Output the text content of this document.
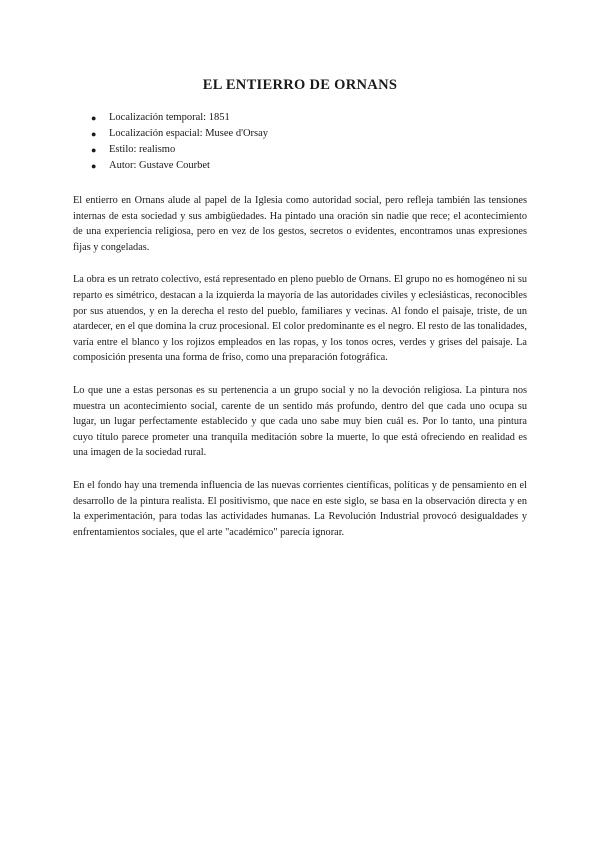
EL ENTIERRO DE ORNANS
● Localización temporal: 1851
● Localización espacial: Musee d'Orsay
● Estilo: realismo
● Autor: Gustave Courbet

El entierro en Ornans alude al papel de la Iglesia como autoridad social, pero refleja también las tensiones internas de esta sociedad y sus ambigüedades. Ha pintado una oración sin nadie que rece; el acontecimiento de una experiencia religiosa, pero en vez de los gestos, secretos o evidentes, encontramos unas expresiones fijas y congeladas.

La obra es un retrato colectivo, está representado en pleno pueblo de Ornans. El grupo no es homogéneo ni su reparto es simétrico, destacan a la izquierda la mayoría de las autoridades civiles y eclesiásticas, reconocibles por sus atuendos, y en la derecha el resto del pueblo, familiares y vecinas. Al fondo el paisaje, triste, de un atardecer, en el que domina la cruz procesional. El color predominante es el negro. El resto de las tonalidades, varía entre el blanco y los rojizos empleados en las ropas, y los tonos ocres, verdes y grises del paisaje. La composición presenta una forma de friso, como una preparación fotográfica.

Lo que une a estas personas es su pertenencia a un grupo social y no la devoción religiosa. La pintura nos muestra un acontecimiento social, carente de un sentido más profundo, dentro del que cada uno ocupa su lugar, un lugar perfectamente establecido y que cada uno sabe muy bien cuál es. Por lo tanto, una pintura cuyo título parece prometer una tranquila meditación sobre la muerte, lo que está ofreciendo en realidad es una imagen de la sociedad rural.

En el fondo hay una tremenda influencia de las nuevas corrientes científicas, políticas y de pensamiento en el desarrollo de la pintura realista. El positivismo, que nace en este siglo, se basa en la observación directa y en la experimentación, para todas las actividades humanas. La Revolución Industrial provocó desigualdades y enfrentamientos sociales, que el arte "académico" parecía ignorar.
